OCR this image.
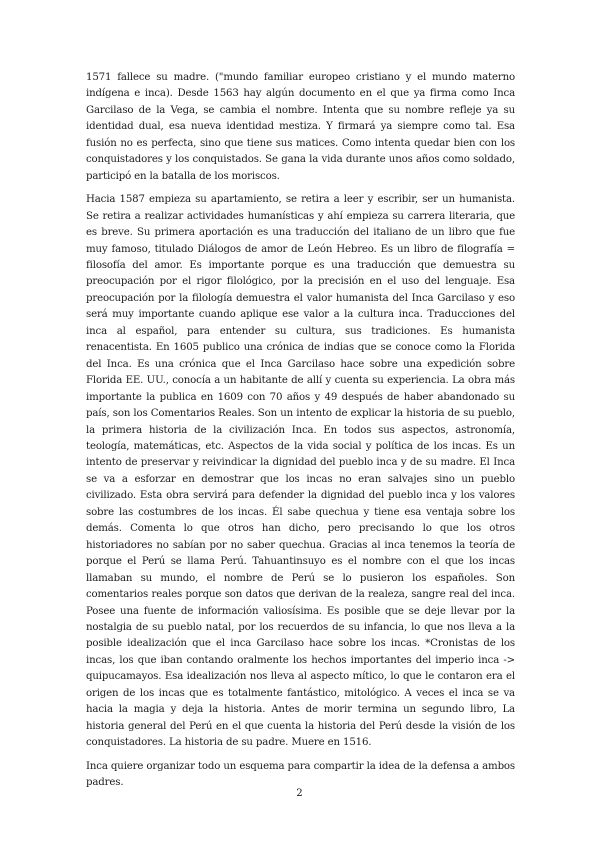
1571 fallece su madre. ("mundo familiar europeo cristiano y el mundo materno indígena e inca). Desde 1563 hay algún documento en el que ya firma como Inca Garcilaso de la Vega, se cambia el nombre. Intenta que su nombre refleje ya su identidad dual, esa nueva identidad mestiza. Y firmará ya siempre como tal. Esa fusión no es perfecta, sino que tiene sus matices. Como intenta quedar bien con los conquistadores y los conquistados. Se gana la vida durante unos años como soldado, participó en la batalla de los moriscos.

Hacia 1587 empieza su apartamiento, se retira a leer y escribir, ser un humanista. Se retira a realizar actividades humanísticas y ahí empieza su carrera literaria, que es breve. Su primera aportación es una traducción del italiano de un libro que fue muy famoso, titulado Diálogos de amor de León Hebreo. Es un libro de filografía = filosofía del amor. Es importante porque es una traducción que demuestra su preocupación por el rigor filológico, por la precisión en el uso del lenguaje. Esa preocupación por la filología demuestra el valor humanista del Inca Garcilaso y eso será muy importante cuando aplique ese valor a la cultura inca. Traducciones del inca al español, para entender su cultura, sus tradiciones. Es humanista renacentista. En 1605 publico una crónica de indias que se conoce como la Florida del Inca. Es una crónica que el Inca Garcilaso hace sobre una expedición sobre Florida EE. UU., conocía a un habitante de allí y cuenta su experiencia. La obra más importante la publica en 1609 con 70 años y 49 después de haber abandonado su país, son los Comentarios Reales. Son un intento de explicar la historia de su pueblo, la primera historia de la civilización Inca. En todos sus aspectos, astronomía, teología, matemáticas, etc. Aspectos de la vida social y política de los incas. Es un intento de preservar y reivindicar la dignidad del pueblo inca y de su madre. El Inca se va a esforzar en demostrar que los incas no eran salvajes sino un pueblo civilizado. Esta obra servirá para defender la dignidad del pueblo inca y los valores sobre las costumbres de los incas. Él sabe quechua y tiene esa ventaja sobre los demás. Comenta lo que otros han dicho, pero precisando lo que los otros historiadores no sabían por no saber quechua. Gracias al inca tenemos la teoría de porque el Perú se llama Perú. Tahuantinsuyo es el nombre con el que los incas llamaban su mundo, el nombre de Perú se lo pusieron los españoles. Son comentarios reales porque son datos que derivan de la realeza, sangre real del inca. Posee una fuente de información valiosísima. Es posible que se deje llevar por la nostalgia de su pueblo natal, por los recuerdos de su infancia, lo que nos lleva a la posible idealización que el inca Garcilaso hace sobre los incas. *Cronistas de los incas, los que iban contando oralmente los hechos importantes del imperio inca -> quipucamayos. Esa idealización nos lleva al aspecto mítico, lo que le contaron era el origen de los incas que es totalmente fantástico, mitológico. A veces el inca se va hacia la magia y deja la historia. Antes de morir termina un segundo libro, La historia general del Perú en el que cuenta la historia del Perú desde la visión de los conquistadores. La historia de su padre. Muere en 1516.

Inca quiere organizar todo un esquema para compartir la idea de la defensa a ambos padres.

2
